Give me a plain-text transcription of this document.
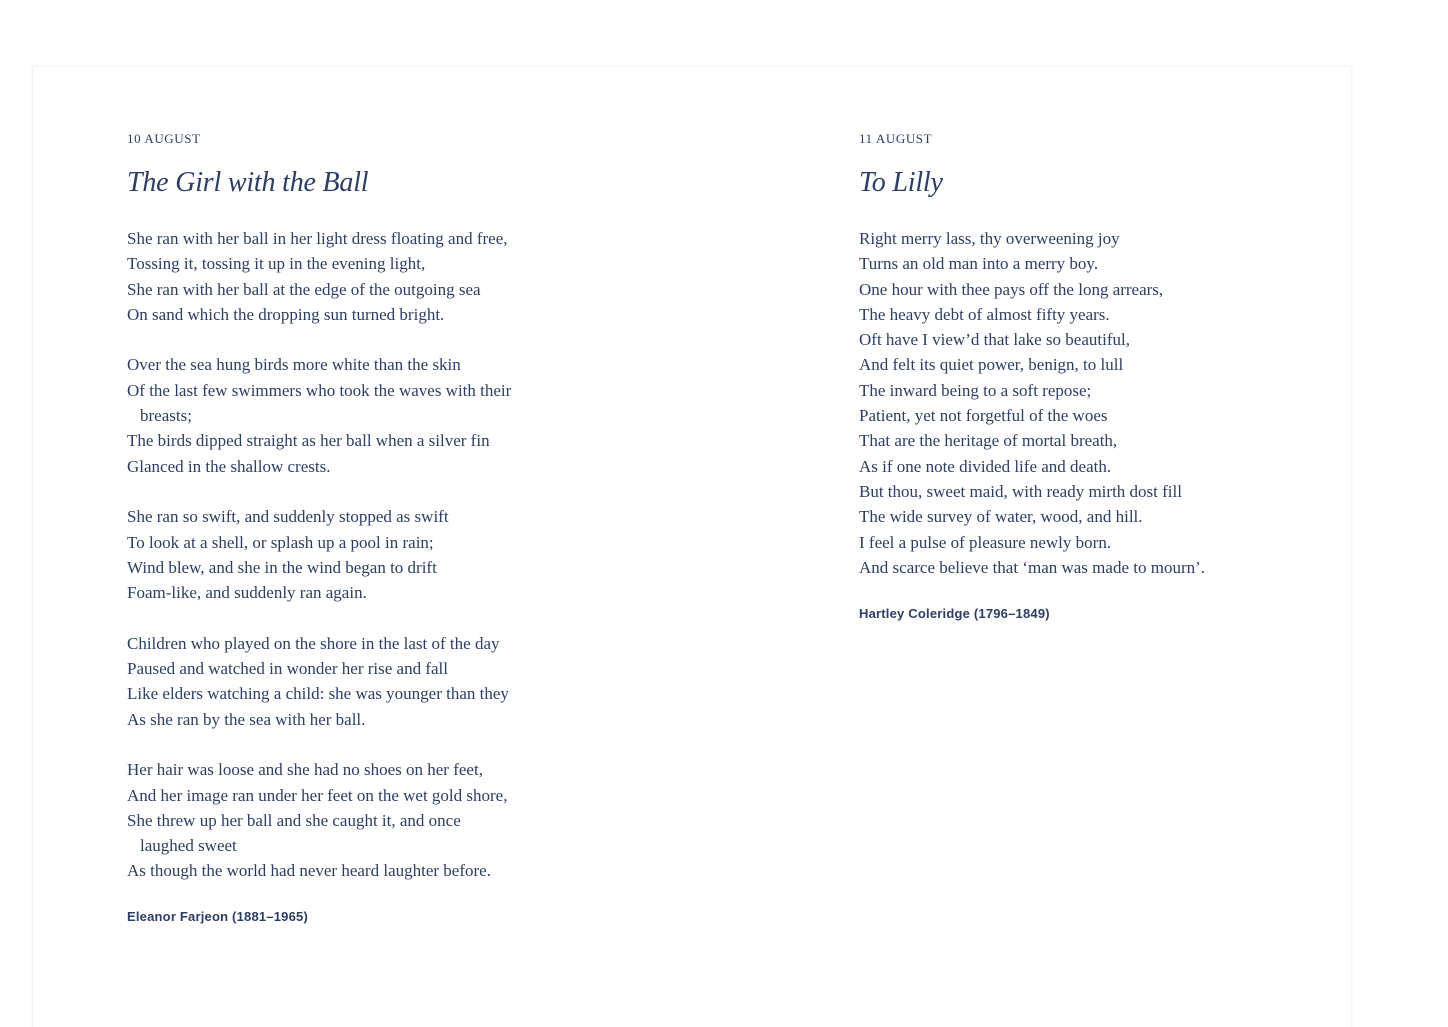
10 AUGUST
The Girl with the Ball
She ran with her ball in her light dress floating and free,
Tossing it, tossing it up in the evening light,
She ran with her ball at the edge of the outgoing sea
On sand which the dropping sun turned bright.
Over the sea hung birds more white than the skin
Of the last few swimmers who took the waves with their
breasts;
The birds dipped straight as her ball when a silver fin
Glanced in the shallow crests.
She ran so swift, and suddenly stopped as swift
To look at a shell, or splash up a pool in rain;
Wind blew, and she in the wind began to drift
Foam-like, and suddenly ran again.
Children who played on the shore in the last of the day
Paused and watched in wonder her rise and fall
Like elders watching a child: she was younger than they
As she ran by the sea with her ball.
Her hair was loose and she had no shoes on her feet,
And her image ran under her feet on the wet gold shore,
She threw up her ball and she caught it, and once
laughed sweet
As though the world had never heard laughter before.
Eleanor Farjeon (1881–1965)
11 AUGUST
To Lilly
Right merry lass, thy overweening joy
Turns an old man into a merry boy.
One hour with thee pays off the long arrears,
The heavy debt of almost fifty years.
Oft have I view’d that lake so beautiful,
And felt its quiet power, benign, to lull
The inward being to a soft repose;
Patient, yet not forgetful of the woes
That are the heritage of mortal breath,
As if one note divided life and death.
But thou, sweet maid, with ready mirth dost fill
The wide survey of water, wood, and hill.
I feel a pulse of pleasure newly born.
And scarce believe that ‘man was made to mourn’.
Hartley Coleridge (1796–1849)
